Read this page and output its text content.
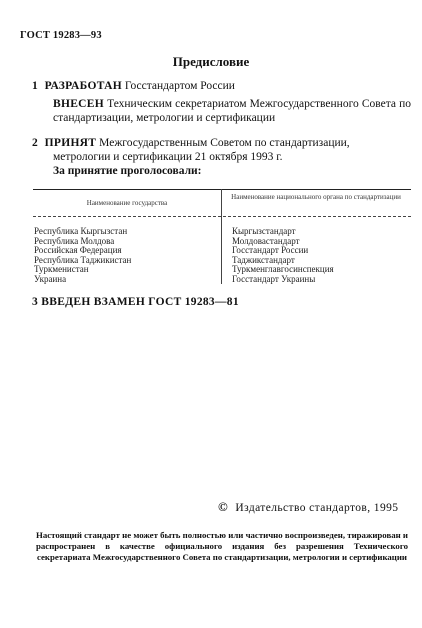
ГОСТ 19283—93
Предисловие

1 РАЗРАБОТАН Госстандартом России

ВНЕСЕН Техническим секретариатом Межгосударственного Совета по стандартизации, метрологии и сертификации

2 ПРИНЯТ Межгосударственным Советом по стандартизации,
метрологии и сертификации 21 октября 1993 г.

За принятие проголосовали:
Наименование государства
Наименование национального органа по стандартизации
Республика Кыргызстан
Республика Молдова
Российская Федерация
Республика Таджикистан
Туркменистан
Украина
Кыргызстандарт
Молдовастандарт
Госстандарт России
Таджикстандарт
Туркменглавгосинспекция
Госстандарт Украины
3 ВВЕДЕН ВЗАМЕН ГОСТ 19283—81
© Издательство стандартов, 1995

Настоящий стандарт не может быть полностью или частично воспроизведен, тиражирован и распространен в качестве официального издания без разрешения Технического секретариата Межгосударственного Совета по стандартизации, метрологии и сертификации
